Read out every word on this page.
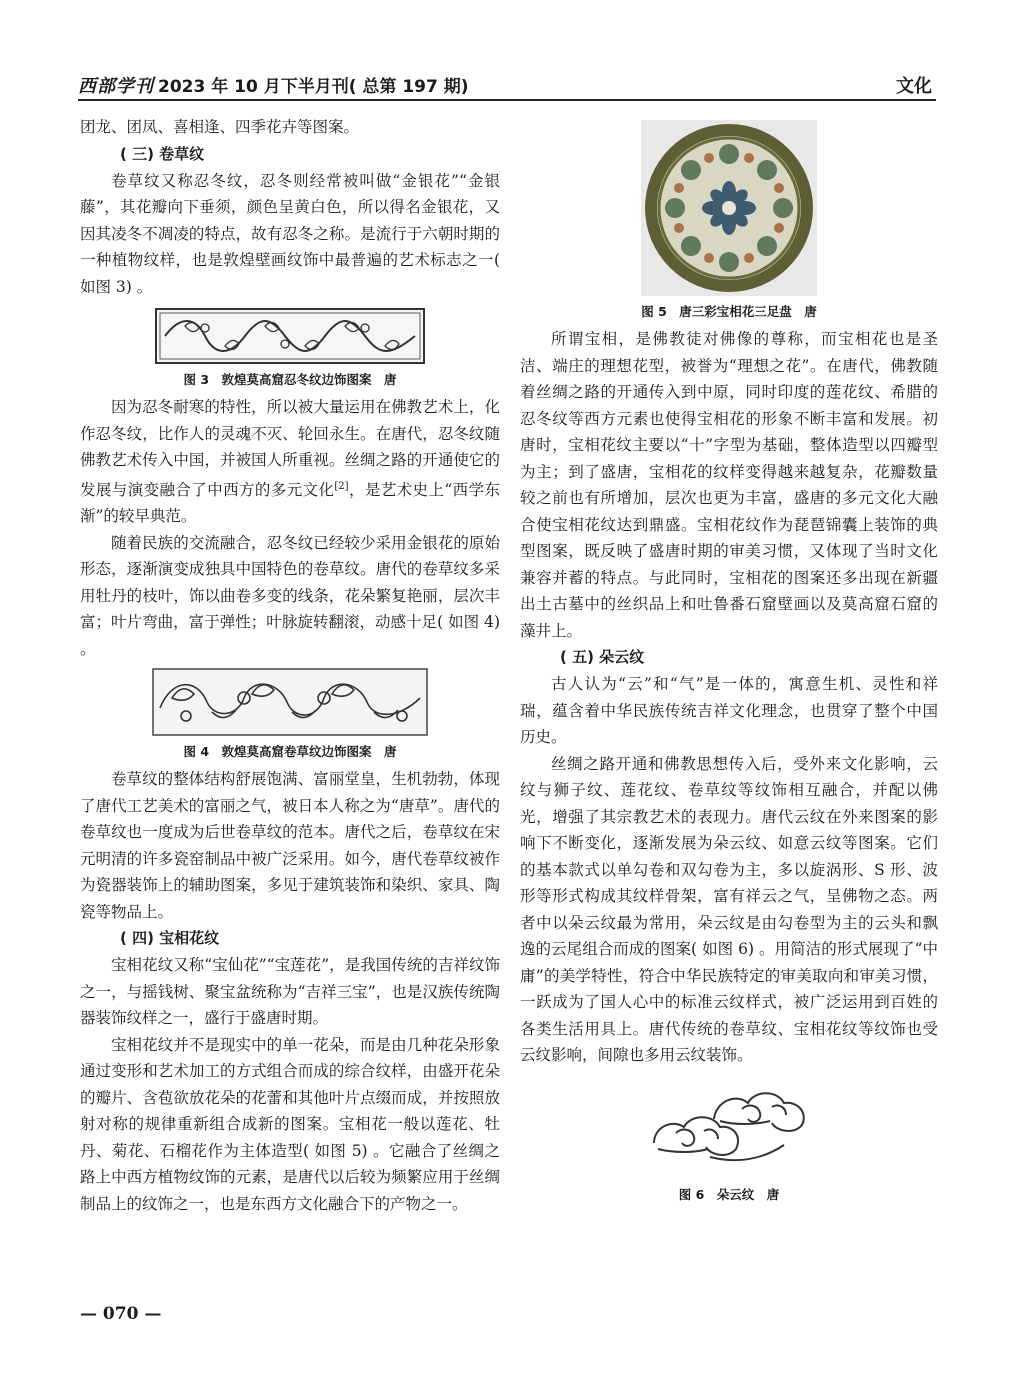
西部学刊 2023 年 10 月下半月刊( 总第 197 期)	文化

团龙、团凤、喜相逢、四季花卉等图案。

( 三) 卷草纹

卷草纹又称忍冬纹，忍冬则经常被叫做“金银花”“金银藤”，其花瓣向下垂须，颜色呈黄白色，所以得名金银花，又因其凌冬不凋凌的特点，故有忍冬之称。是流行于六朝时期的一种植物纹样，也是敦煌壁画纹饰中最普遍的艺术标志之一( 如图 3) 。

图 3　敦煌莫高窟忍冬纹边饰图案　唐

因为忍冬耐寒的特性，所以被大量运用在佛教艺术上，化作忍冬纹，比作人的灵魂不灭、轮回永生。在唐代，忍冬纹随佛教艺术传入中国，并被国人所重视。丝绸之路的开通使它的发展与演变融合了中西方的多元文化[2]，是艺术史上“西学东渐”的较早典范。

随着民族的交流融合，忍冬纹已经较少采用金银花的原始形态，逐渐演变成独具中国特色的卷草纹。唐代的卷草纹多采用牡丹的枝叶，饰以曲卷多变的线条，花朵繁复艳丽，层次丰富；叶片弯曲，富于弹性；叶脉旋转翻滚，动感十足( 如图 4) 。

图 4　敦煌莫高窟卷草纹边饰图案　唐

卷草纹的整体结构舒展饱满、富丽堂皇，生机勃勃，体现了唐代工艺美术的富丽之气，被日本人称之为“唐草”。唐代的卷草纹也一度成为后世卷草纹的范本。唐代之后，卷草纹在宋元明清的许多瓷窑制品中被广泛采用。如今，唐代卷草纹被作为瓷器装饰上的辅助图案，多见于建筑装饰和染织、家具、陶瓷等物品上。

( 四) 宝相花纹

宝相花纹又称“宝仙花”“宝莲花”，是我国传统的吉祥纹饰之一，与摇钱树、聚宝盆统称为“吉祥三宝”，也是汉族传统陶器装饰纹样之一，盛行于盛唐时期。

宝相花纹并不是现实中的单一花朵，而是由几种花朵形象通过变形和艺术加工的方式组合而成的综合纹样，由盛开花朵的瓣片、含苞欲放花朵的花蕾和其他叶片点缀而成，并按照放射对称的规律重新组合成新的图案。宝相花一般以莲花、牡丹、菊花、石榴花作为主体造型( 如图 5) 。它融合了丝绸之路上中西方植物纹饰的元素，是唐代以后较为频繁应用于丝绸制品上的纹饰之一，也是东西方文化融合下的产物之一。

图 5　唐三彩宝相花三足盘　唐

所谓宝相，是佛教徒对佛像的尊称，而宝相花也是圣洁、端庄的理想花型，被誉为“理想之花”。在唐代，佛教随着丝绸之路的开通传入到中原，同时印度的莲花纹、希腊的忍冬纹等西方元素也使得宝相花的形象不断丰富和发展。初唐时，宝相花纹主要以“十”字型为基础，整体造型以四瓣型为主；到了盛唐，宝相花的纹样变得越来越复杂，花瓣数量较之前也有所增加，层次也更为丰富，盛唐的多元文化大融合使宝相花纹达到鼎盛。宝相花纹作为琵琶锦囊上装饰的典型图案，既反映了盛唐时期的审美习惯，又体现了当时文化兼容并蓄的特点。与此同时，宝相花的图案还多出现在新疆出土古墓中的丝织品上和吐鲁番石窟壁画以及莫高窟石窟的藻井上。

( 五) 朵云纹

古人认为“云”和“气”是一体的，寓意生机、灵性和祥瑞，蕴含着中华民族传统吉祥文化理念，也贯穿了整个中国历史。

丝绸之路开通和佛教思想传入后，受外来文化影响，云纹与狮子纹、莲花纹、卷草纹等纹饰相互融合，并配以佛光，增强了其宗教艺术的表现力。唐代云纹在外来图案的影响下不断变化，逐渐发展为朵云纹、如意云纹等图案。它们的基本款式以单勾卷和双勾卷为主，多以旋涡形、S 形、波形等形式构成其纹样骨架，富有祥云之气，呈佛物之态。两者中以朵云纹最为常用，朵云纹是由勾卷型为主的云头和飘逸的云尾组合而成的图案( 如图 6) 。用简洁的形式展现了“中庸”的美学特性，符合中华民族特定的审美取向和审美习惯，一跃成为了国人心中的标准云纹样式，被广泛运用到百姓的各类生活用具上。唐代传统的卷草纹、宝相花纹等纹饰也受云纹影响，间隙也多用云纹装饰。

图 6　朵云纹　唐
— 070 —
